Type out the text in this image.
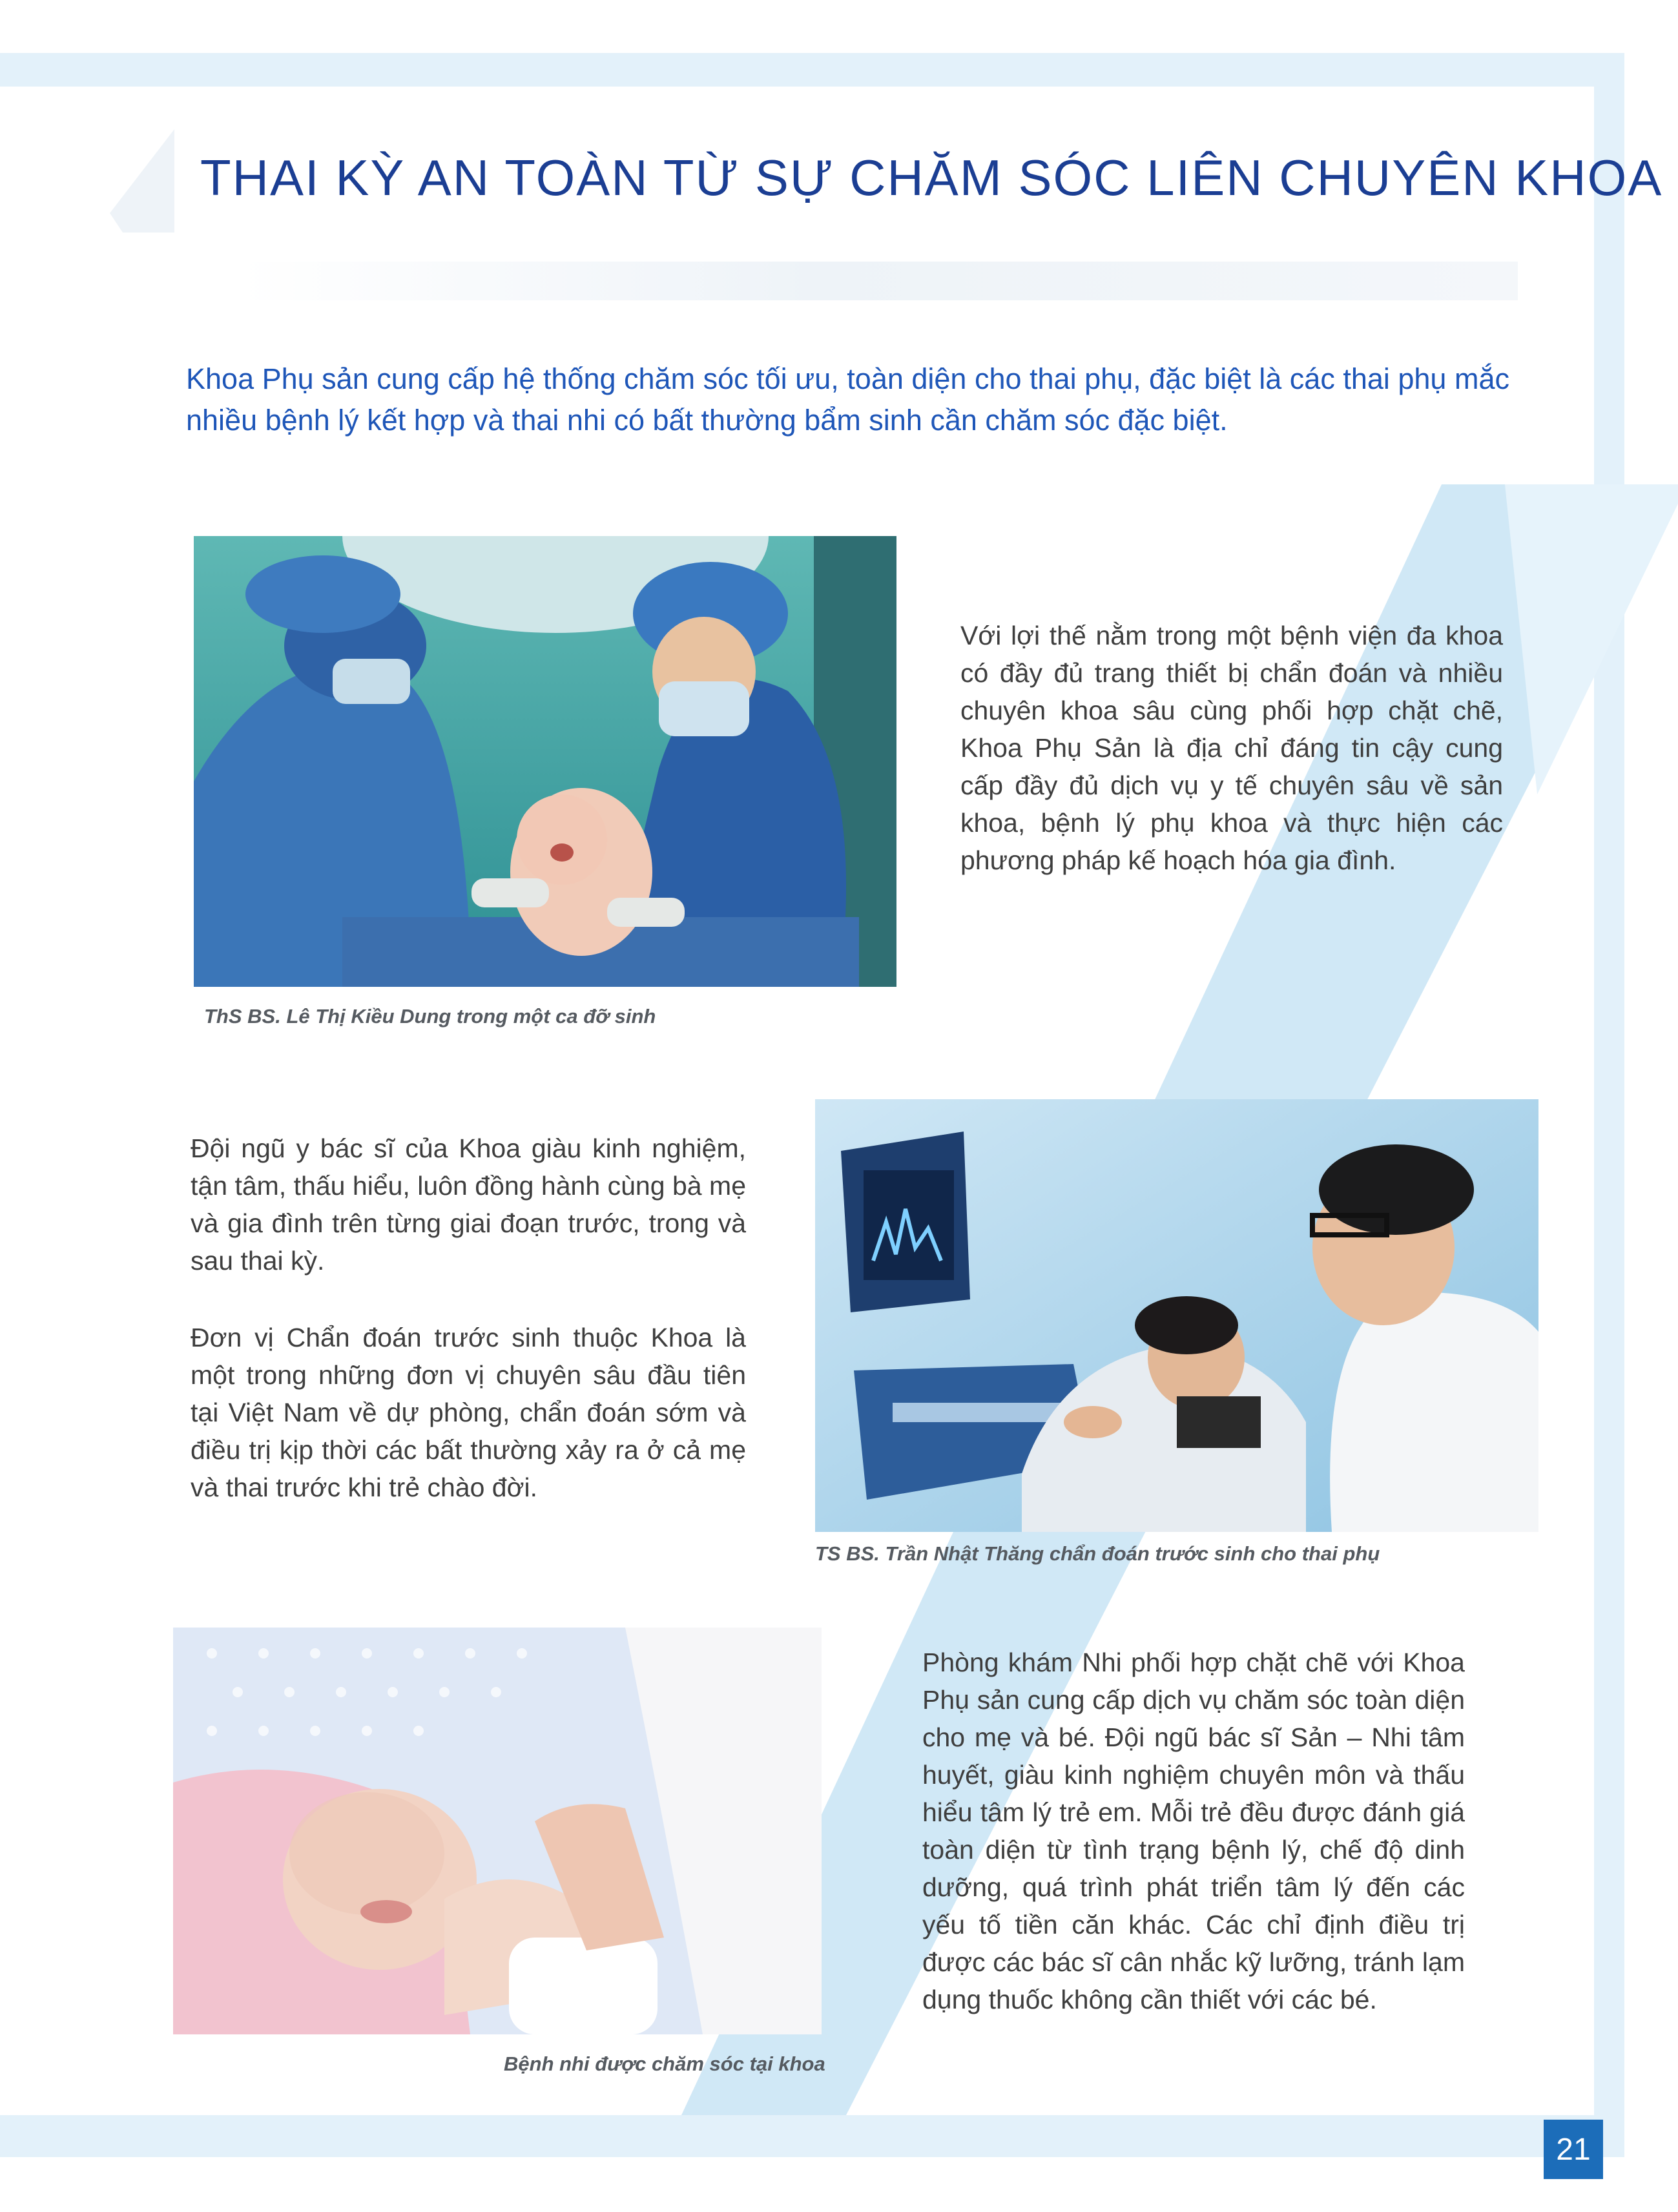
THAI KỲ AN TOÀN TỪ SỰ CHĂM SÓC LIÊN CHUYÊN KHOA

Khoa Phụ sản cung cấp hệ thống chăm sóc tối ưu, toàn diện cho thai phụ, đặc biệt là các thai phụ mắc nhiều bệnh lý kết hợp và thai nhi có bất thường bẩm sinh cần chăm sóc đặc biệt.

ThS BS. Lê Thị Kiều Dung trong một ca đỡ sinh

Với lợi thế nằm trong một bệnh viện đa khoa có đầy đủ trang thiết bị chẩn đoán và nhiều chuyên khoa sâu cùng phối hợp chặt chẽ, Khoa Phụ Sản là địa chỉ đáng tin cậy cung cấp đầy đủ dịch vụ y tế chuyên sâu về sản khoa, bệnh lý phụ khoa và thực hiện các phương pháp kế hoạch hóa gia đình.

Đội ngũ y bác sĩ của Khoa giàu kinh nghiệm, tận tâm, thấu hiểu, luôn đồng hành cùng bà mẹ và gia đình trên từng giai đoạn trước, trong và sau thai kỳ.

Đơn vị Chẩn đoán trước sinh thuộc Khoa là một trong những đơn vị chuyên sâu đầu tiên tại Việt Nam về dự phòng, chẩn đoán sớm và điều trị kịp thời các bất thường xảy ra ở cả mẹ và thai trước khi trẻ chào đời.

TS BS. Trần Nhật Thăng chẩn đoán trước sinh cho thai phụ

Bệnh nhi được chăm sóc tại khoa

Phòng khám Nhi phối hợp chặt chẽ với Khoa Phụ sản cung cấp dịch vụ chăm sóc toàn diện cho mẹ và bé. Đội ngũ bác sĩ Sản – Nhi tâm huyết, giàu kinh nghiệm chuyên môn và thấu hiểu tâm lý trẻ em. Mỗi trẻ đều được đánh giá toàn diện từ tình trạng bệnh lý, chế độ dinh dưỡng, quá trình phát triển tâm lý đến các yếu tố tiền căn khác. Các chỉ định điều trị được các bác sĩ cân nhắc kỹ lưỡng, tránh lạm dụng thuốc không cần thiết với các bé.

21
